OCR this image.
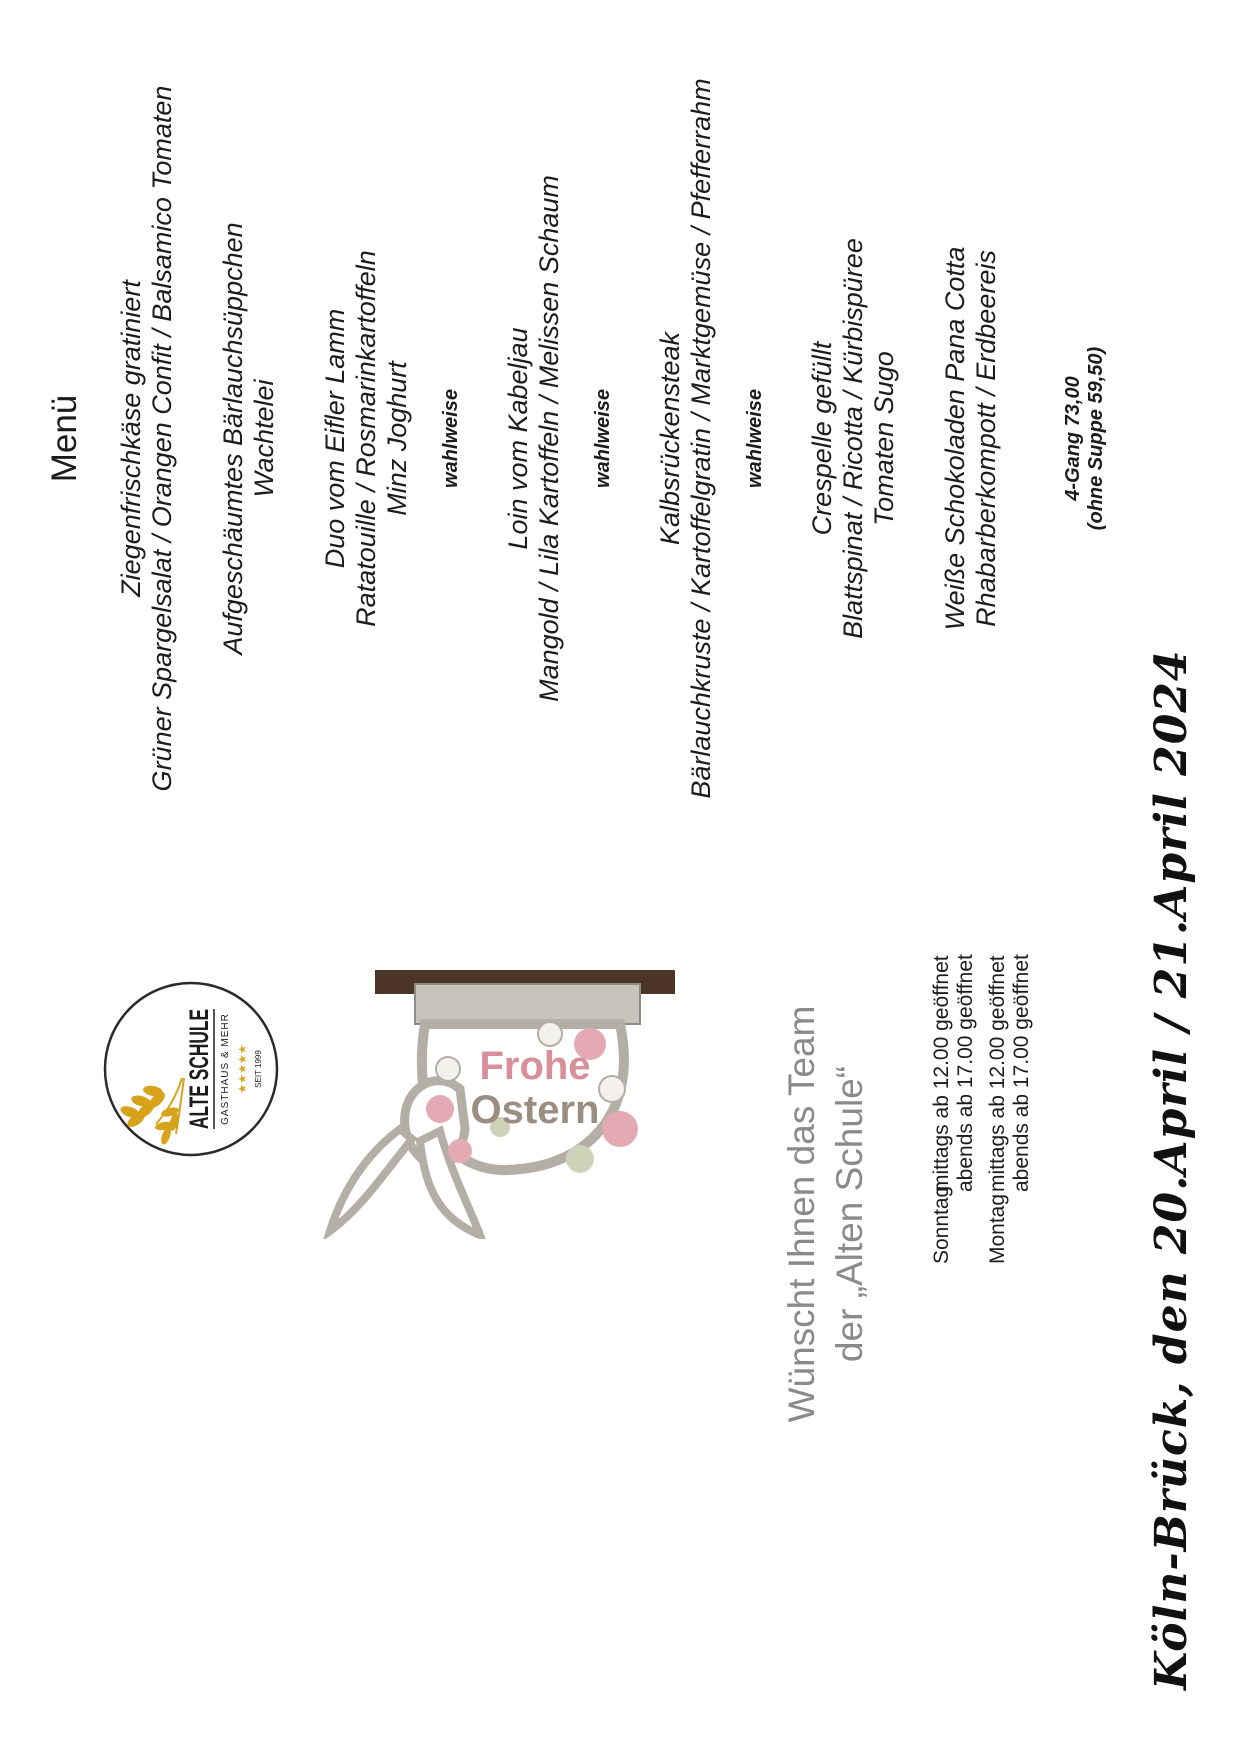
ALTE SCHULE GASTHAUS & MEHR ★★★★★ SEIT 1999	Frohe
Ostern	Wünscht Ihnen das Team der „Alten Schule“	Sonntag
mittags ab 12.00 geöffnet abends ab 17.00 geöffnet
Montag
mittags ab 12.00 geöffnet abends ab 17.00 geöffnet	Köln-Brück, den 20.April / 21.April 2024
Menü Ziegenfrischkäse gratiniert Grüner Spargelsalat / Orangen Confit / Balsamico Tomaten Aufgeschäumtes Bärlauchsüppchen Wachtelei Duo vom Eifler Lamm Ratatouille / Rosmarinkartoffeln Minz Joghurt wahlweise Loin vom Kabeljau Mangold / Lila Kartoffeln / Melissen Schaum wahlweise Kalbsrückensteak Bärlauchkruste / Kartoffelgratin / Marktgemüse / Pfefferrahm wahlweise Crespelle gefüllt Blattspinat / Ricotta / Kürbispüree Tomaten Sugo Weiße Schokoladen Pana Cotta Rhabarberkompott / Erdbeereis	4-Gang 73,00 (ohne Suppe 59,50)
